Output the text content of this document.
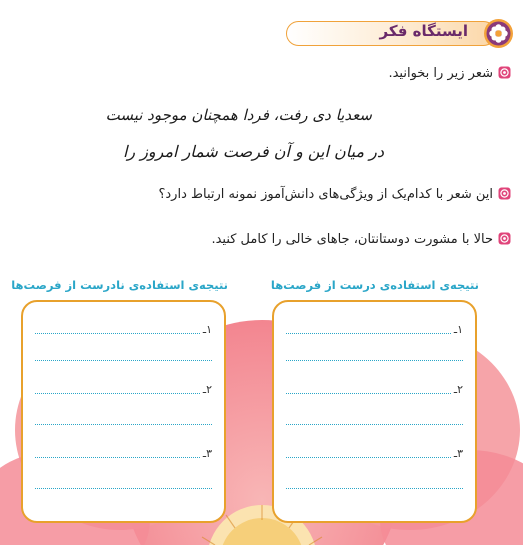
ایستگاه فکر
شعر زیر را بخوانید.
سعدیا دی رفت، فردا همچنان موجود نیست
در میان این و آن فرصت شمار امروز را
این شعر با کدام‌یک از ویژگی‌های دانش‌آموز نمونه ارتباط دارد؟
حالا با مشورت دوستانتان، جاهای خالی را کامل کنید.
نتیجه‌ی استفاده‌ی درست از فرصت‌ها
نتیجه‌ی استفاده‌ی نادرست از فرصت‌ها
۱ـ
۲ـ
۳ـ
۱ـ
۲ـ
۳ـ
